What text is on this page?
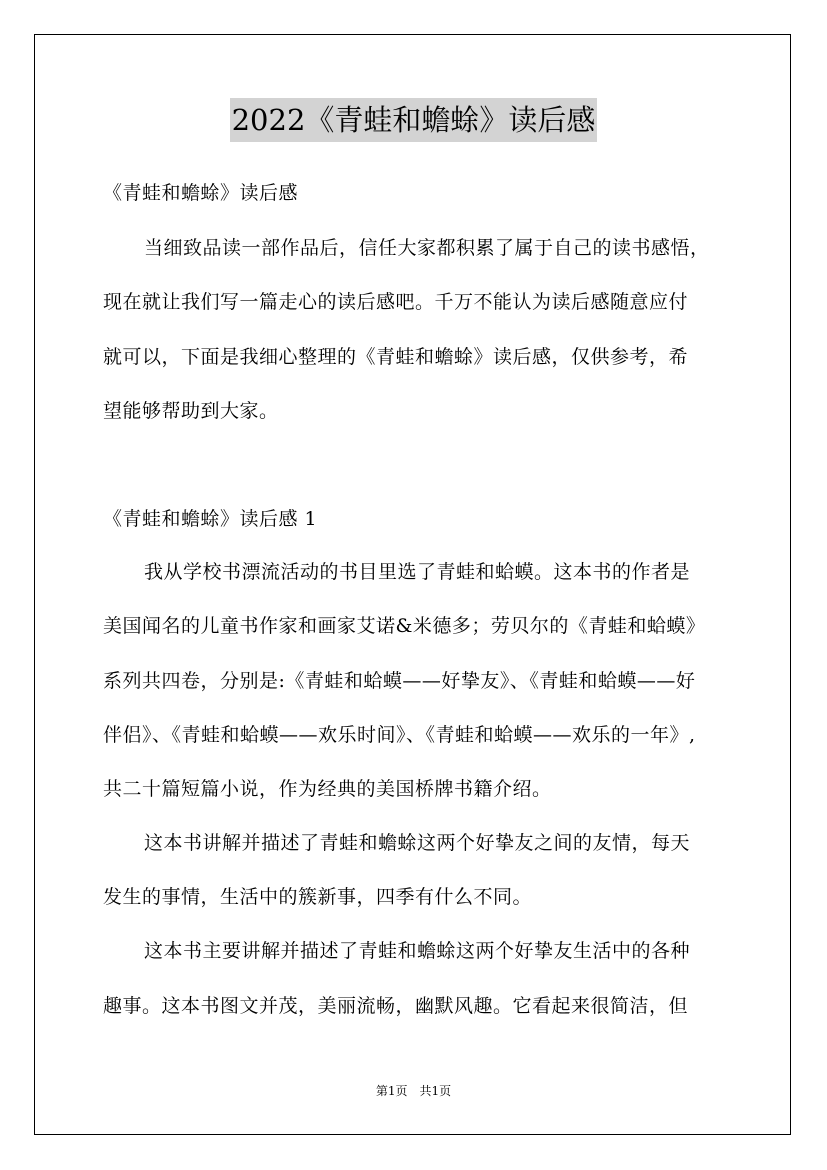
2022《青蛙和蟾蜍》读后感
《青蛙和蟾蜍》读后感
当细致品读一部作品后，信任大家都积累了属于自己的读书感悟，
现在就让我们写一篇走心的读后感吧。千万不能认为读后感随意应付
就可以，下面是我细心整理的《青蛙和蟾蜍》读后感，仅供参考，希
望能够帮助到大家。
《青蛙和蟾蜍》读后感 1
我从学校书漂流活动的书目里选了青蛙和蛤蟆。这本书的作者是
美国闻名的儿童书作家和画家艾诺&米德多；劳贝尔的《青蛙和蛤蟆》
系列共四卷，分别是:《青蛙和蛤蟆——好挚友》、《青蛙和蛤蟆——好
伴侣》、《青蛙和蛤蟆——欢乐时间》、《青蛙和蛤蟆——欢乐的一年》,
共二十篇短篇小说，作为经典的美国桥牌书籍介绍。
这本书讲解并描述了青蛙和蟾蜍这两个好挚友之间的友情，每天
发生的事情，生活中的簇新事，四季有什么不同。
这本书主要讲解并描述了青蛙和蟾蜍这两个好挚友生活中的各种
趣事。这本书图文并茂，美丽流畅，幽默风趣。它看起来很简洁，但
第1页　共1页
